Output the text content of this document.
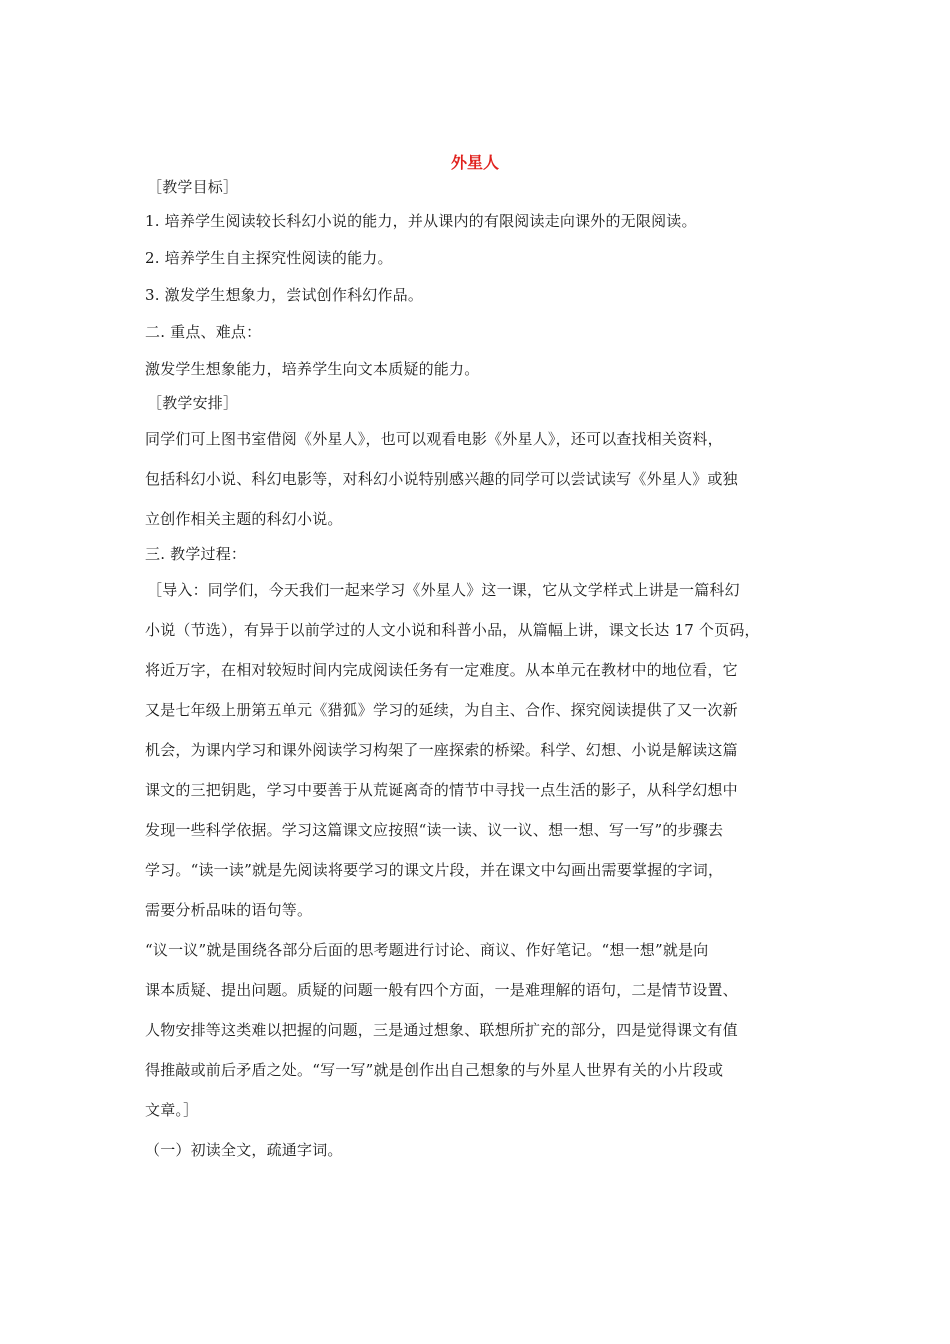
外星人

［教学目标］

1. 培养学生阅读较长科幻小说的能力，并从课内的有限阅读走向课外的无限阅读。

2. 培养学生自主探究性阅读的能力。

3. 激发学生想象力，尝试创作科幻作品。

二. 重点、难点：

激发学生想象能力，培养学生向文本质疑的能力。

［教学安排］

同学们可上图书室借阅《外星人》，也可以观看电影《外星人》，还可以查找相关资料，

包括科幻小说、科幻电影等，对科幻小说特别感兴趣的同学可以尝试读写《外星人》或独

立创作相关主题的科幻小说。

三. 教学过程：

［导入：同学们，今天我们一起来学习《外星人》这一课，它从文学样式上讲是一篇科幻

小说（节选），有异于以前学过的人文小说和科普小品，从篇幅上讲，课文长达 17 个页码，

将近万字，在相对较短时间内完成阅读任务有一定难度。从本单元在教材中的地位看，它

又是七年级上册第五单元《猎狐》学习的延续，为自主、合作、探究阅读提供了又一次新

机会，为课内学习和课外阅读学习构架了一座探索的桥梁。科学、幻想、小说是解读这篇

课文的三把钥匙，学习中要善于从荒诞离奇的情节中寻找一点生活的影子，从科学幻想中

发现一些科学依据。学习这篇课文应按照“读一读、议一议、想一想、写一写”的步骤去

学习。“读一读”就是先阅读将要学习的课文片段，并在课文中勾画出需要掌握的字词，

需要分析品味的语句等。

“议一议”就是围绕各部分后面的思考题进行讨论、商议、作好笔记。“想一想”就是向

课本质疑、提出问题。质疑的问题一般有四个方面，一是难理解的语句，二是情节设置、

人物安排等这类难以把握的问题，三是通过想象、联想所扩充的部分，四是觉得课文有值

得推敲或前后矛盾之处。“写一写”就是创作出自己想象的与外星人世界有关的小片段或

文章。］

（一）初读全文，疏通字词。
